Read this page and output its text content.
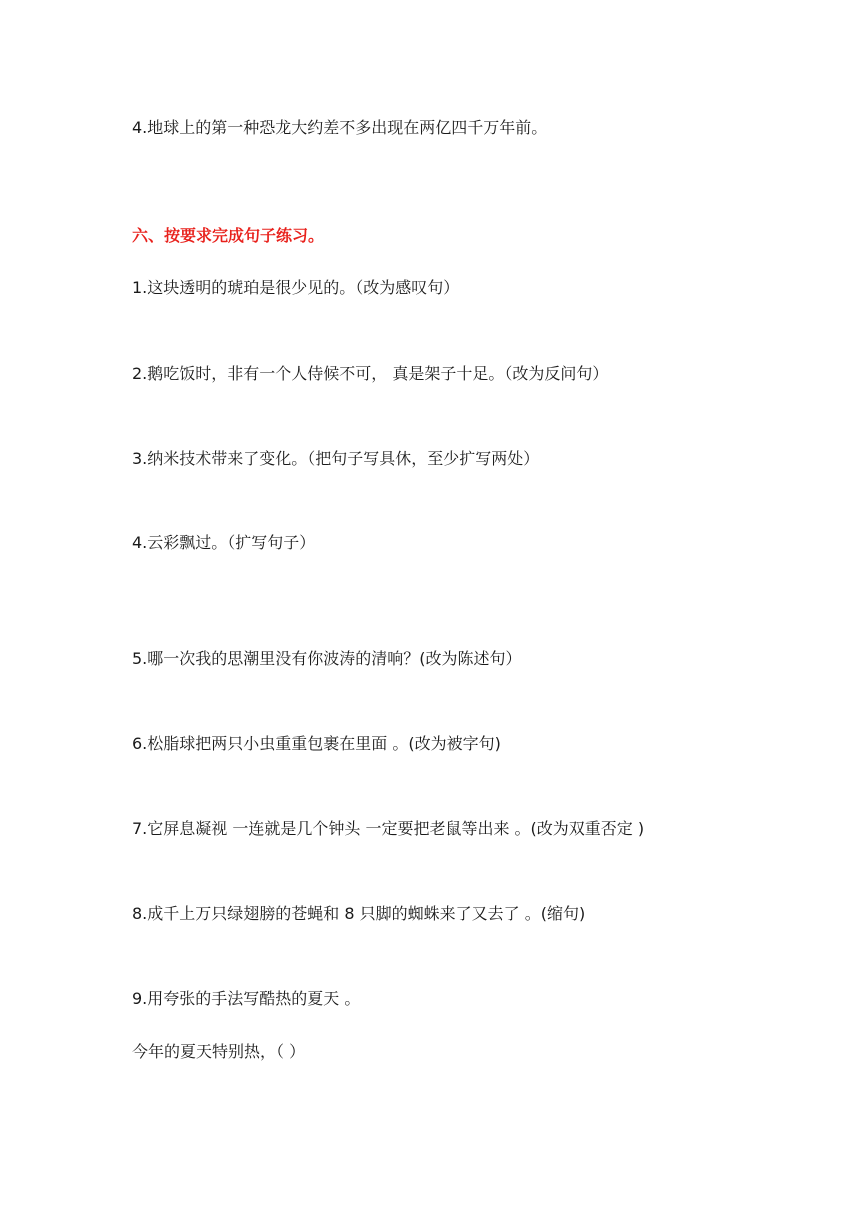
4.地球上的第一种恐龙大约差不多出现在两亿四千万年前。
六、按要求完成句子练习。
1.这块透明的琥珀是很少见的。（改为感叹句）
2.鹅吃饭时，非有一个人侍候不可， 真是架子十足。（改为反问句）
3.纳米技术带来了变化。（把句子写具休，至少扩写两处）
4.云彩飘过。（扩写句子）
5.哪一次我的思潮里没有你波涛的清响？(改为陈述句）
6.松脂球把两只小虫重重包裹在里面 。(改为被字句)
7.它屏息凝视 一连就是几个钟头 一定要把老鼠等出来 。(改为双重否定 )
8.成千上万只绿翅膀的苍蝇和 8 只脚的蜘蛛来了又去了 。(缩句)
9.用夸张的手法写酷热的夏天 。
今年的夏天特别热，（ ）
